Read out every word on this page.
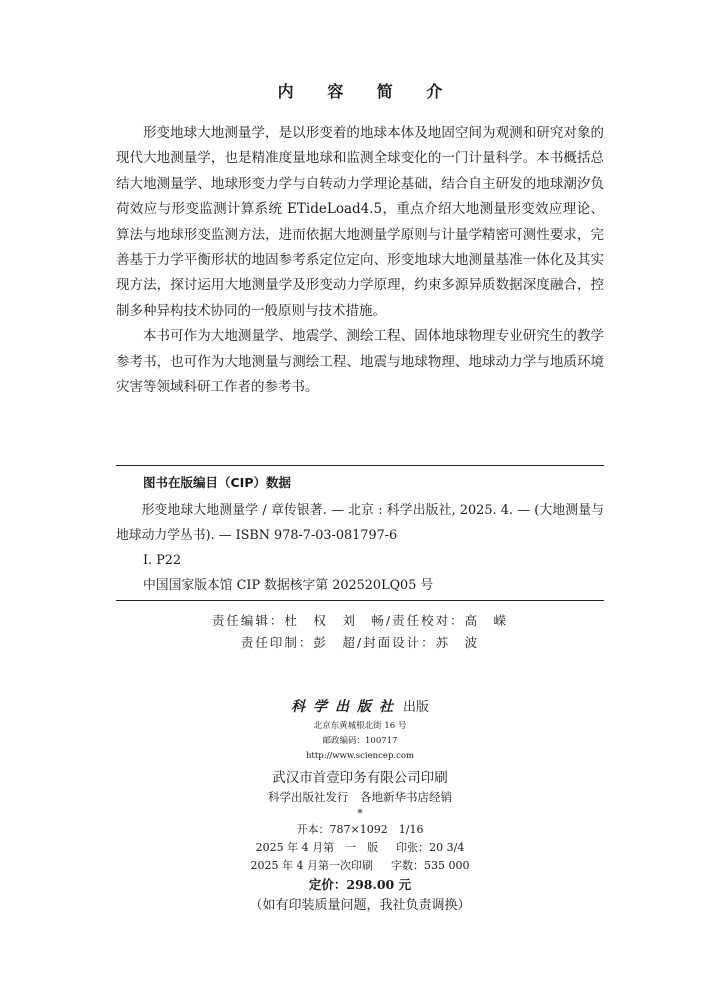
内 容 简 介

形变地球大地测量学，是以形变着的地球本体及地固空间为观测和研究对象的现代大地测量学，也是精准度量地球和监测全球变化的一门计量科学。本书概括总结大地测量学、地球形变力学与自转动力学理论基础，结合自主研发的地球潮汐负荷效应与形变监测计算系统 ETideLoad4.5，重点介绍大地测量形变效应理论、算法与地球形变监测方法，进而依据大地测量学原则与计量学精密可测性要求，完善基于力学平衡形状的地固参考系定位定向、形变地球大地测量基准一体化及其实现方法，探讨运用大地测量学及形变动力学原理，约束多源异质数据深度融合，控制多种异构技术协同的一般原则与技术措施。

本书可作为大地测量学、地震学、测绘工程、固体地球物理专业研究生的教学参考书，也可作为大地测量与测绘工程、地震与地球物理、地球动力学与地质环境灾害等领域科研工作者的参考书。

图书在版编目（CIP）数据
形变地球大地测量学 / 章传银著. — 北京 : 科学出版社, 2025. 4. — (大地测量与地球动力学丛书). — ISBN 978-7-03-081797-6
I. P22
中国国家版本馆 CIP 数据核字第 202520LQ05 号
责任编辑：杜　权　刘　畅/责任校对：高　嵘
责任印制：彭　超/封面设计：苏　波
科学出版社 出版
北京东黄城根北街 16 号
邮政编码：100717
http://www.sciencep.com
武汉市首壹印务有限公司印刷
科学出版社发行　各地新华书店经销
*
开本：787×1092　1/16
2025 年 4 月第　一　版 印张：20 3/4
2025 年 4 月第一次印刷 字数：535 000
定价：298.00 元
（如有印装质量问题，我社负责调换）
